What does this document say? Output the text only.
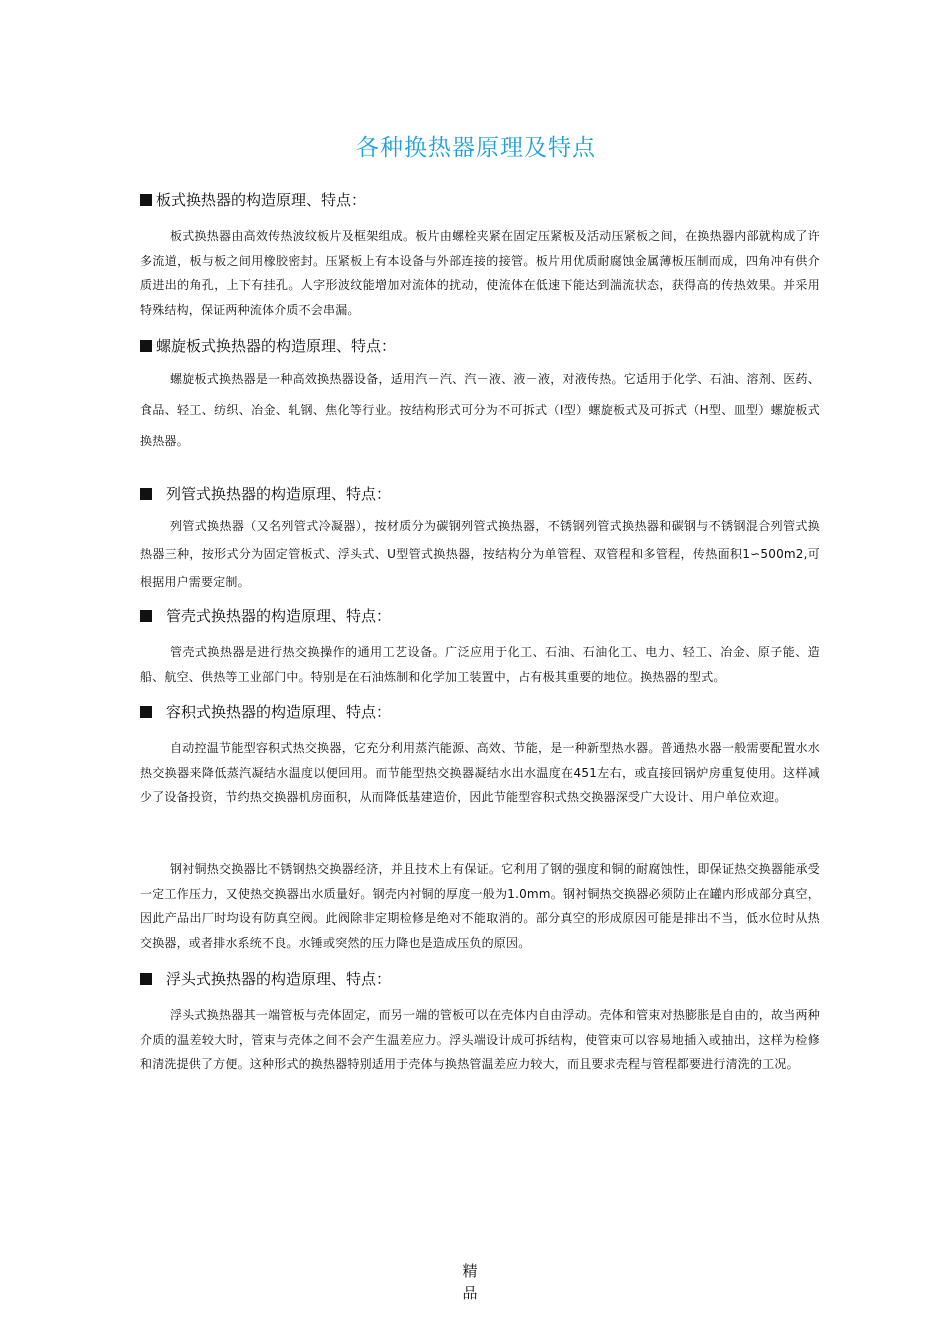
各种换热器原理及特点

板式换热器的构造原理、特点：

板式换热器由高效传热波纹板片及框架组成。板片由螺栓夹紧在固定压紧板及活动压紧板之间，在换热器内部就构成了许多流道，板与板之间用橡胶密封。压紧板上有本设备与外部连接的接管。板片用优质耐腐蚀金属薄板压制而成，四角冲有供介质进出的角孔，上下有挂孔。人字形波纹能增加对流体的扰动，使流体在低速下能达到湍流状态，获得高的传热效果。并采用特殊结构，保证两种流体介质不会串漏。

螺旋板式换热器的构造原理、特点：

螺旋板式换热器是一种高效换热器设备，适用汽－汽、汽－液、液－液，对液传热。它适用于化学、石油、溶剂、医药、食品、轻工、纺织、冶金、轧钢、焦化等行业。按结构形式可分为不可拆式（I型）螺旋板式及可拆式（H型、皿型）螺旋板式换热器。

列管式换热器的构造原理、特点：

列管式换热器（又名列管式冷凝器），按材质分为碳钢列管式换热器，不锈钢列管式换热器和碳钢与不锈钢混合列管式换热器三种，按形式分为固定管板式、浮头式、U型管式换热器，按结构分为单管程、双管程和多管程，传热面积1∽500m2,可根据用户需要定制。

管壳式换热器的构造原理、特点：

管壳式换热器是进行热交换操作的通用工艺设备。广泛应用于化工、石油、石油化工、电力、轻工、冶金、原子能、造船、航空、供热等工业部门中。特别是在石油炼制和化学加工装置中，占有极其重要的地位。换热器的型式。

容积式换热器的构造原理、特点：

自动控温节能型容积式热交换器，它充分利用蒸汽能源、高效、节能，是一种新型热水器。普通热水器一般需要配置水水热交换器来降低蒸汽凝结水温度以便回用。而节能型热交换器凝结水出水温度在451左右，或直接回锅炉房重复使用。这样减少了设备投资，节约热交换器机房面积，从而降低基建造价，因此节能型容积式热交换器深受广大设计、用户单位欢迎。

钢衬铜热交换器比不锈钢热交换器经济，并且技术上有保证。它利用了钢的强度和铜的耐腐蚀性，即保证热交换器能承受一定工作压力，又使热交换器出水质量好。钢壳内衬铜的厚度一般为1.0mm。钢衬铜热交换器必须防止在罐内形成部分真空，因此产品出厂时均设有防真空阀。此阀除非定期检修是绝对不能取消的。部分真空的形成原因可能是排出不当，低水位时从热交换器，或者排水系统不良。水锤或突然的压力降也是造成压负的原因。

浮头式换热器的构造原理、特点：

浮头式换热器其一端管板与壳体固定，而另一端的管板可以在壳体内自由浮动。壳体和管束对热膨胀是自由的，故当两种介质的温差较大时，管束与壳体之间不会产生温差应力。浮头端设计成可拆结构，使管束可以容易地插入或抽出，这样为检修和清洗提供了方便。这种形式的换热器特别适用于壳体与换热管温差应力较大，而且要求壳程与管程都要进行清洗的工况。

精
品
